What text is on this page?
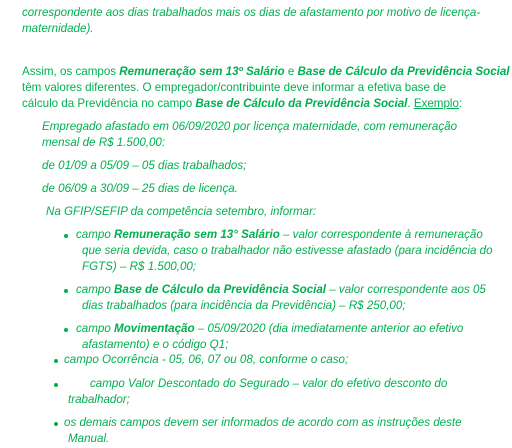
correspondente aos dias trabalhados mais os dias de afastamento por motivo de licença-
maternidade).
Assim, os campos Remuneração sem 13º Salário e Base de Cálculo da Previdência Social
têm valores diferentes. O empregador/contribuinte deve informar a efetiva base de
cálculo da Previdência no campo Base de Cálculo da Previdência Social. Exemplo:
Empregado afastado em 06/09/2020 por licença maternidade, com remuneração
mensal de R$ 1.500,00:
de 01/09 a 05/09 – 05 dias trabalhados;
de 06/09 a 30/09 – 25 dias de licença.
Na GFIP/SEFIP da competência setembro, informar:
campo Remuneração sem 13° Salário – valor correspondente à remuneração
que seria devida, caso o trabalhador não estivesse afastado (para incidência do
FGTS) – R$ 1.500,00;
campo Base de Cálculo da Previdência Social – valor correspondente aos 05
dias trabalhados (para incidência da Previdência) – R$ 250,00;
campo Movimentação – 05/09/2020 (dia imediatamente anterior ao efetivo
afastamento) e o código Q1;
campo Ocorrência - 05, 06, 07 ou 08, conforme o caso;
campo Valor Descontado do Segurado – valor do efetivo desconto do
trabalhador;
os demais campos devem ser informados de acordo com as instruções deste
Manual.
